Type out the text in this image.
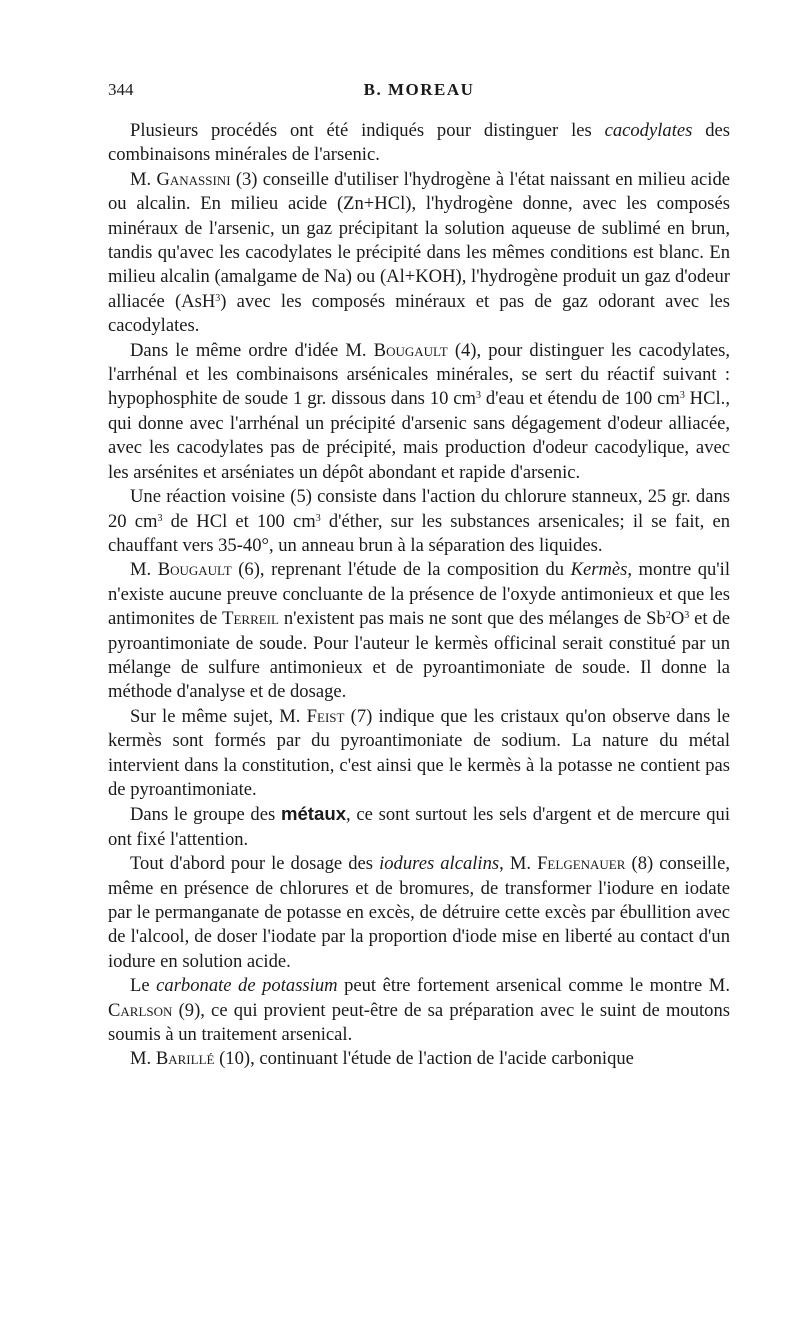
344	B. MOREAU

Plusieurs procédés ont été indiqués pour distinguer les cacodylates des combinaisons minérales de l'arsenic.

M. Ganassini (3) conseille d'utiliser l'hydrogène à l'état naissant en milieu acide ou alcalin. En milieu acide (Zn+HCl), l'hydrogène donne, avec les composés minéraux de l'arsenic, un gaz précipitant la solution aqueuse de sublimé en brun, tandis qu'avec les cacodylates le précipité dans les mêmes conditions est blanc. En milieu alcalin (amalgame de Na) ou (Al+KOH), l'hydrogène produit un gaz d'odeur alliacée (AsH$^3$) avec les composés minéraux et pas de gaz odorant avec les cacodylates.

Dans le même ordre d'idée M. Bougault (4), pour distinguer les cacodylates, l'arrhénal et les combinaisons arsénicales minérales, se sert du réactif suivant : hypophosphite de soude 1 gr. dissous dans 10 $cm^3$ d'eau et étendu de 100 $cm^3$ HCl., qui donne avec l'arrhénal un précipité d'arsenic sans dégagement d'odeur alliacée, avec les cacodylates pas de précipité, mais production d'odeur cacodylique, avec les arsénites et arséniates un dépôt abondant et rapide d'arsenic.

Une réaction voisine (5) consiste dans l'action du chlorure stanneux, 25 gr. dans 20 $cm^3$ de HCl et 100 $cm^3$ d'éther, sur les substances arsenicales; il se fait, en chauffant vers 35-40°, un anneau brun à la séparation des liquides.

M. Bougault (6), reprenant l'étude de la composition du Kermès, montre qu'il n'existe aucune preuve concluante de la présence de l'oxyde antimonieux et que les antimonites de Terreil n'existent pas mais ne sont que des mélanges de $Sb^2O^3$ et de pyroantimoniate de soude. Pour l'auteur le kermès officinal serait constitué par un mélange de sulfure antimonieux et de pyroantimoniate de soude. Il donne la méthode d'analyse et de dosage.

Sur le même sujet, M. Feist (7) indique que les cristaux qu'on observe dans le kermès sont formés par du pyroantimoniate de sodium. La nature du métal intervient dans la constitution, c'est ainsi que le kermès à la potasse ne contient pas de pyroantimoniate.

Dans le groupe des métaux, ce sont surtout les sels d'argent et de mercure qui ont fixé l'attention.

Tout d'abord pour le dosage des iodures alcalins, M. Felgenauer (8) conseille, même en présence de chlorures et de bromures, de transformer l'iodure en iodate par le permanganate de potasse en excès, de détruire cette excès par ébullition avec de l'alcool, de doser l'iodate par la proportion d'iode mise en liberté au contact d'un iodure en solution acide.

Le carbonate de potassium peut être fortement arsenical comme le montre M. Carlson (9), ce qui provient peut-être de sa préparation avec le suint de moutons soumis à un traitement arsenical.

M. Barillé (10), continuant l'étude de l'action de l'acide carbonique
